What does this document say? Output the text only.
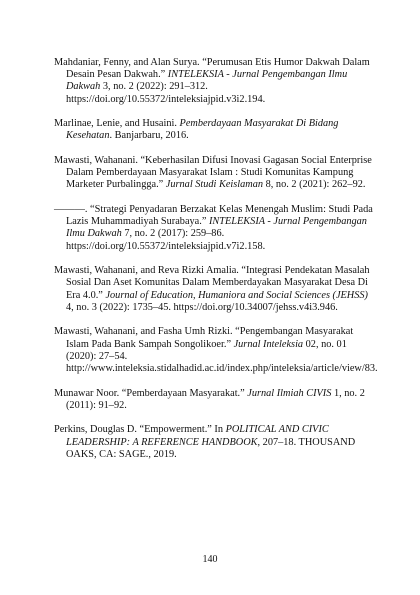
Mahdaniar, Fenny, and Alan Surya. “Perumusan Etis Humor Dakwah Dalam Desain Pesan Dakwah.” INTELEKSIA - Jurnal Pengembangan Ilmu Dakwah 3, no. 2 (2022): 291–312. https://doi.org/10.55372/inteleksiajpid.v3i2.194.

Marlinae, Lenie, and Husaini. Pemberdayaan Masyarakat Di Bidang Kesehatan. Banjarbaru, 2016.

Mawasti, Wahanani. “Keberhasilan Difusi Inovasi Gagasan Social Enterprise Dalam Pemberdayaan Masyarakat Islam : Studi Komunitas Kampung Marketer Purbalingga.” Jurnal Studi Keislaman 8, no. 2 (2021): 262–92.

———. “Strategi Penyadaran Berzakat Kelas Menengah Muslim: Studi Pada Lazis Muhammadiyah Surabaya.” INTELEKSIA - Jurnal Pengembangan Ilmu Dakwah 7, no. 2 (2017): 259–86. https://doi.org/10.55372/inteleksiajpid.v7i2.158.

Mawasti, Wahanani, and Reva Rizki Amalia. “Integrasi Pendekatan Masalah Sosial Dan Aset Komunitas Dalam Memberdayakan Masyarakat Desa Di Era 4.0.” Journal of Education, Humaniora and Social Sciences (JEHSS) 4, no. 3 (2022): 1735–45. https://doi.org/10.34007/jehss.v4i3.946.

Mawasti, Wahanani, and Fasha Umh Rizki. “Pengembangan Masyarakat Islam Pada Bank Sampah Songolikoer.” Jurnal Inteleksia 02, no. 01 (2020): 27–54. http://www.inteleksia.stidalhadid.ac.id/index.php/inteleksia/article/view/83.

Munawar Noor. “Pemberdayaan Masyarakat.” Jurnal Ilmiah CIVIS 1, no. 2 (2011): 91–92.

Perkins, Douglas D. “Empowerment.” In POLITICAL AND CIVIC LEADERSHIP: A REFERENCE HANDBOOK, 207–18. THOUSAND OAKS, CA: SAGE., 2019.

140
